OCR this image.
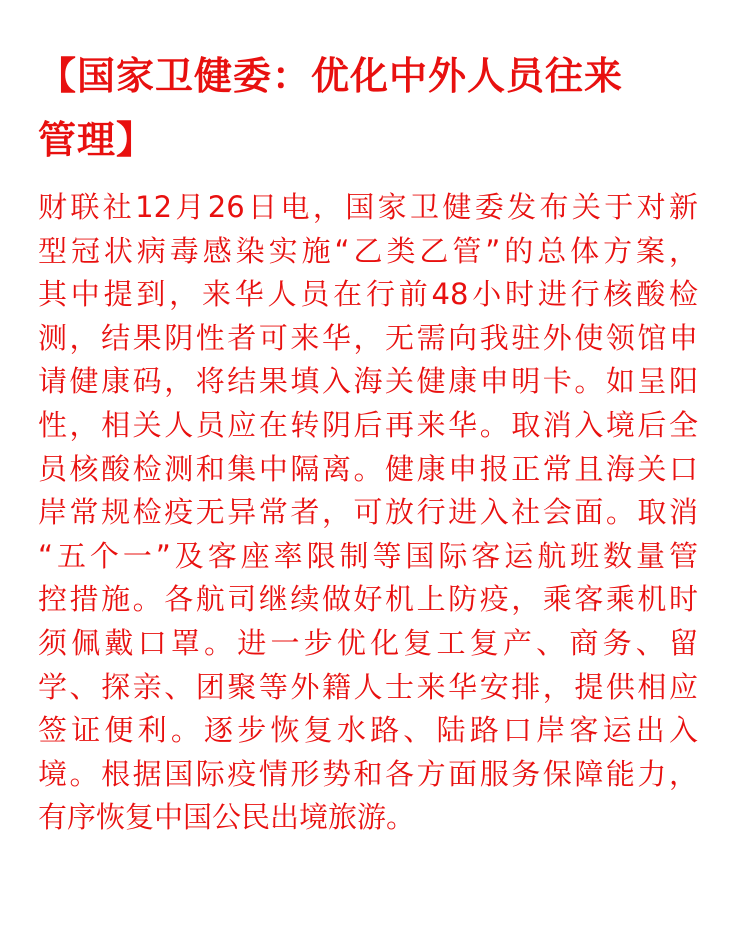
【国家卫健委：优化中外人员往来
管理】
财联社12月26日电，国家卫健委发布关于对新
型冠状病毒感染实施“乙类乙管”的总体方案，
其中提到，来华人员在行前48小时进行核酸检
测，结果阴性者可来华，无需向我驻外使领馆申
请健康码，将结果填入海关健康申明卡。如呈阳
性，相关人员应在转阴后再来华。取消入境后全
员核酸检测和集中隔离。健康申报正常且海关口
岸常规检疫无异常者，可放行进入社会面。取消
“五个一”及客座率限制等国际客运航班数量管
控措施。各航司继续做好机上防疫，乘客乘机时
须佩戴口罩。进一步优化复工复产、商务、留
学、探亲、团聚等外籍人士来华安排，提供相应
签证便利。逐步恢复水路、陆路口岸客运出入
境。根据国际疫情形势和各方面服务保障能力，
有序恢复中国公民出境旅游。
